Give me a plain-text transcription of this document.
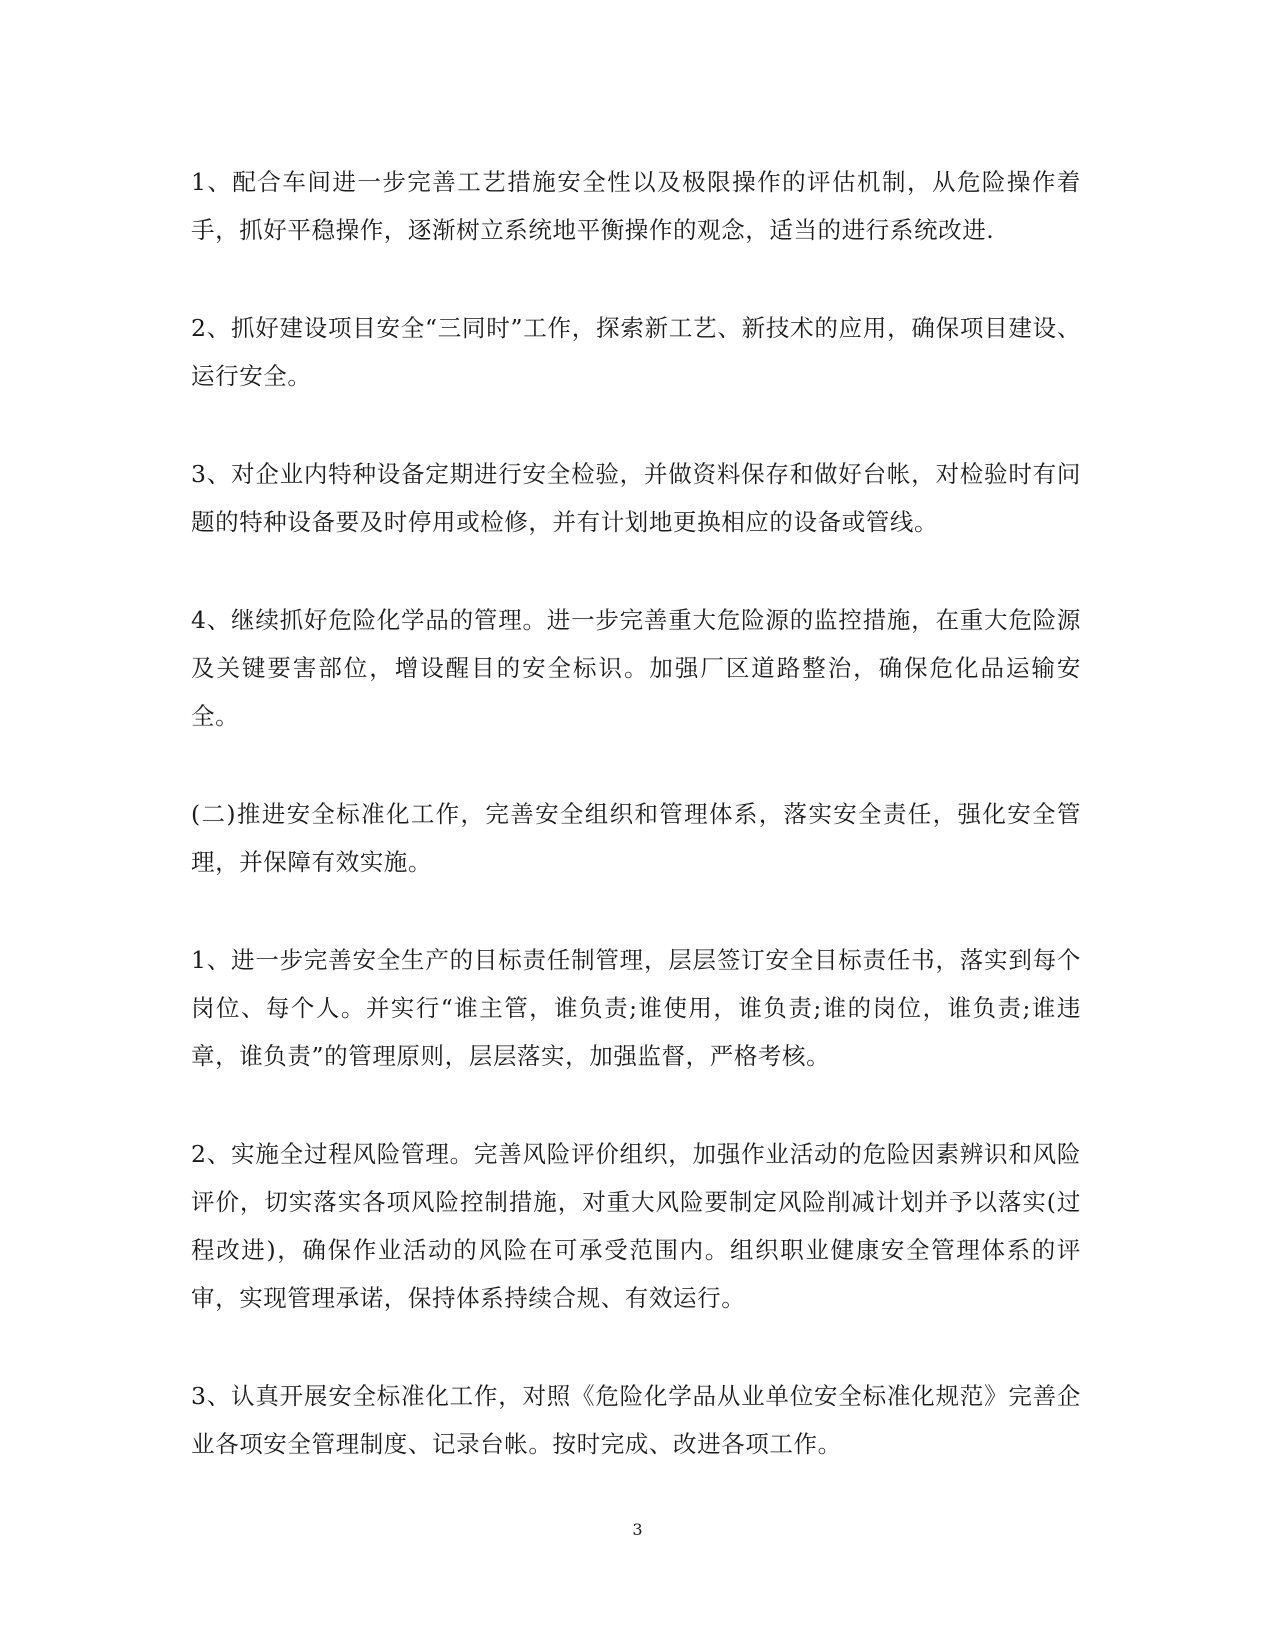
1、配合车间进一步完善工艺措施安全性以及极限操作的评估机制，从危险操作着手，抓好平稳操作，逐渐树立系统地平衡操作的观念，适当的进行系统改进.

2、抓好建设项目安全“三同时”工作，探索新工艺、新技术的应用，确保项目建设、运行安全。

3、对企业内特种设备定期进行安全检验，并做资料保存和做好台帐，对检验时有问题的特种设备要及时停用或检修，并有计划地更换相应的设备或管线。

4、继续抓好危险化学品的管理。进一步完善重大危险源的监控措施，在重大危险源及关键要害部位，增设醒目的安全标识。加强厂区道路整治，确保危化品运输安全。

(二)推进安全标准化工作，完善安全组织和管理体系，落实安全责任，强化安全管理，并保障有效实施。

1、进一步完善安全生产的目标责任制管理，层层签订安全目标责任书，落实到每个岗位、每个人。并实行“谁主管，谁负责;谁使用，谁负责;谁的岗位，谁负责;谁违章，谁负责”的管理原则，层层落实，加强监督，严格考核。

2、实施全过程风险管理。完善风险评价组织，加强作业活动的危险因素辨识和风险评价，切实落实各项风险控制措施，对重大风险要制定风险削减计划并予以落实(过程改进)，确保作业活动的风险在可承受范围内。组织职业健康安全管理体系的评审，实现管理承诺，保持体系持续合规、有效运行。

3、认真开展安全标准化工作，对照《危险化学品从业单位安全标准化规范》完善企业各项安全管理制度、记录台帐。按时完成、改进各项工作。

3
